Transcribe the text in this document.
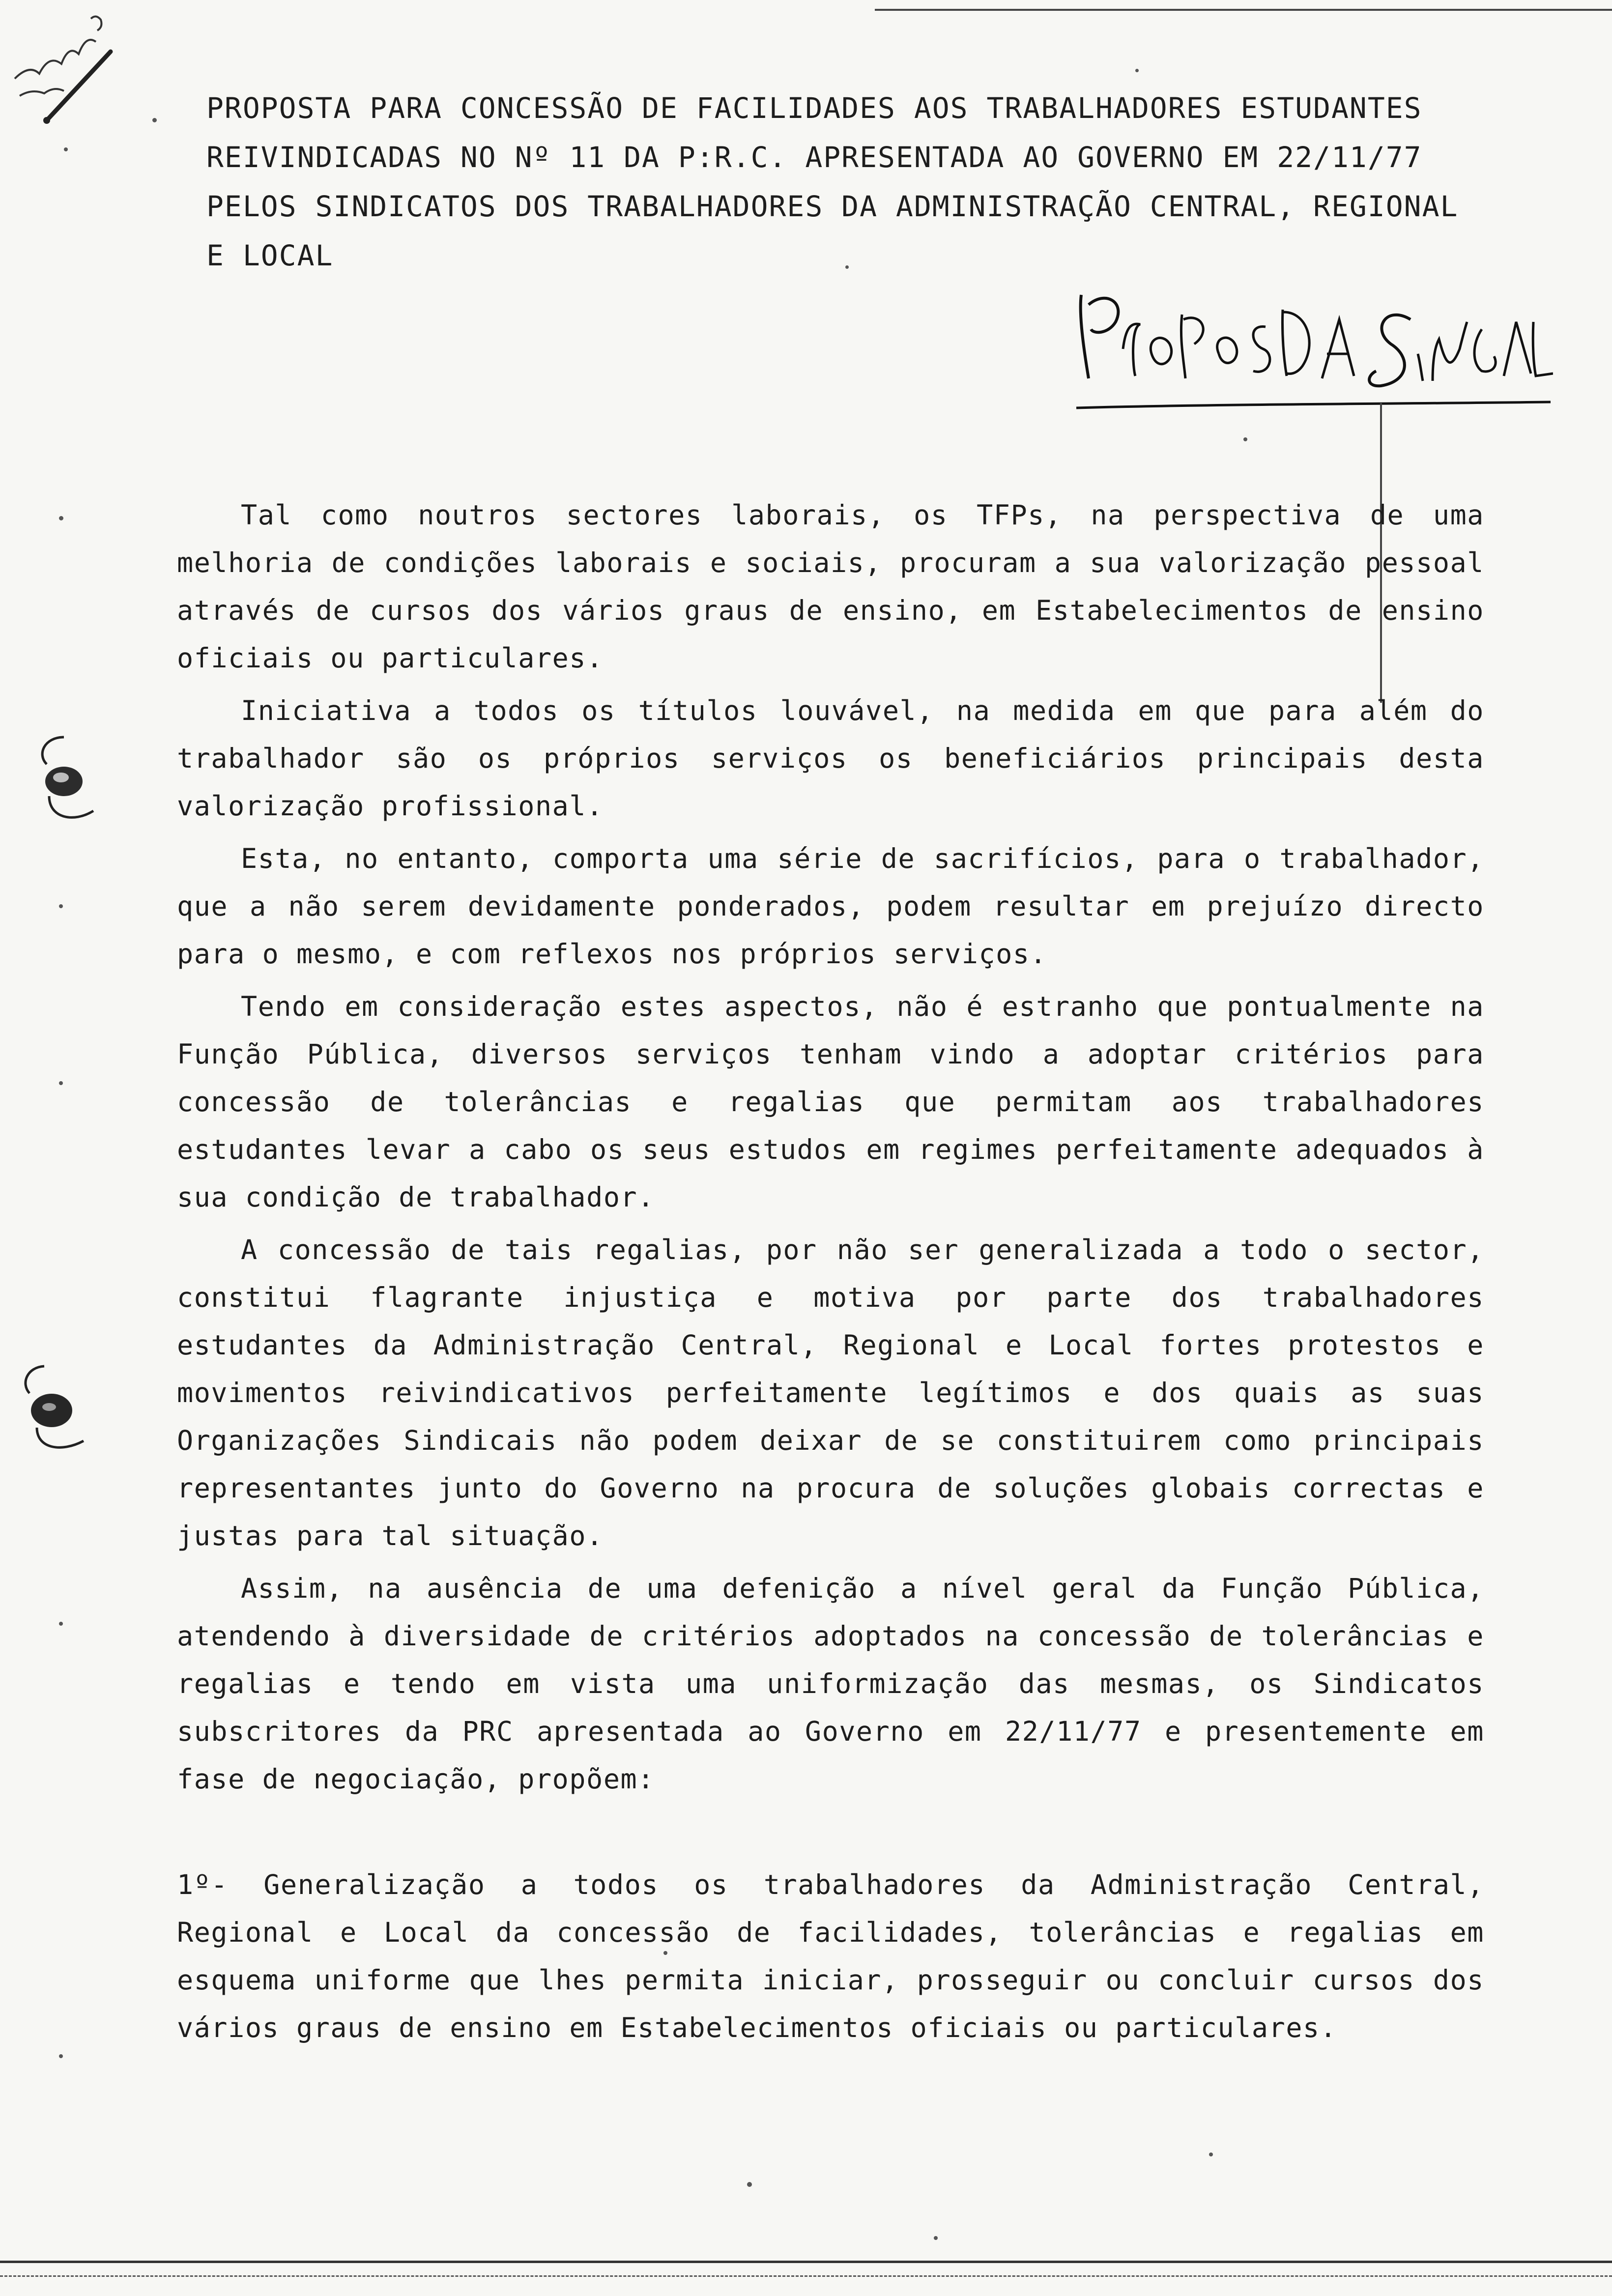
PROPOSTA PARA CONCESSÃO DE FACILIDADES AOS TRABALHADORES ESTUDANTES REIVINDICADAS NO Nº 11 DA P:R.C. APRESENTADA AO GOVERNO EM 22/11/77 PELOS SINDICATOS DOS TRABALHADORES DA ADMINISTRAÇÃO CENTRAL, REGIONAL E LOCAL

Tal como noutros sectores laborais, os TFPs, na perspectiva de uma melhoria de condições laborais e sociais, procuram a sua valorização pessoal através de cursos dos vários graus de ensino, em Estabelecimentos de ensino oficiais ou particulares.

Iniciativa a todos os títulos louvável, na medida em que para além do trabalhador são os próprios serviços os beneficiários principais desta valorização profissional.

Esta, no entanto, comporta uma série de sacrifícios, para o trabalhador, que a não serem devidamente ponderados, podem resultar em prejuízo directo para o mesmo, e com reflexos nos próprios serviços.

Tendo em consideração estes aspectos, não é estranho que pontualmente na Função Pública, diversos serviços tenham vindo a adoptar critérios para concessão de tolerâncias e regalias que permitam aos trabalhadores estudantes levar a cabo os seus estudos em regimes perfeitamente adequados à sua condição de trabalhador.

A concessão de tais regalias, por não ser generalizada a todo o sector, constitui flagrante injustiça e motiva por parte dos trabalhadores estudantes da Administração Central, Regional e Local fortes protestos e movimentos reivindicativos perfeitamente legítimos e dos quais as suas Organizações Sindicais não podem deixar de se constituirem como principais representantes junto do Governo na procura de soluções globais correctas e justas para tal situação.

Assim, na ausência de uma defenição a nível geral da Função Pública, atendendo à diversidade de critérios adoptados na concessão de tolerâncias e regalias e tendo em vista uma uniformização das mesmas, os Sindicatos subscritores da PRC apresentada ao Governo em 22/11/77 e presentemente em fase de negociação, propõem:

1º- Generalização a todos os trabalhadores da Administração Central, Regional e Local da concessão de facilidades, tolerâncias e regalias em esquema uniforme que lhes permita iniciar, prosseguir ou concluir cursos dos vários graus de ensino em Estabelecimentos oficiais ou particulares.
